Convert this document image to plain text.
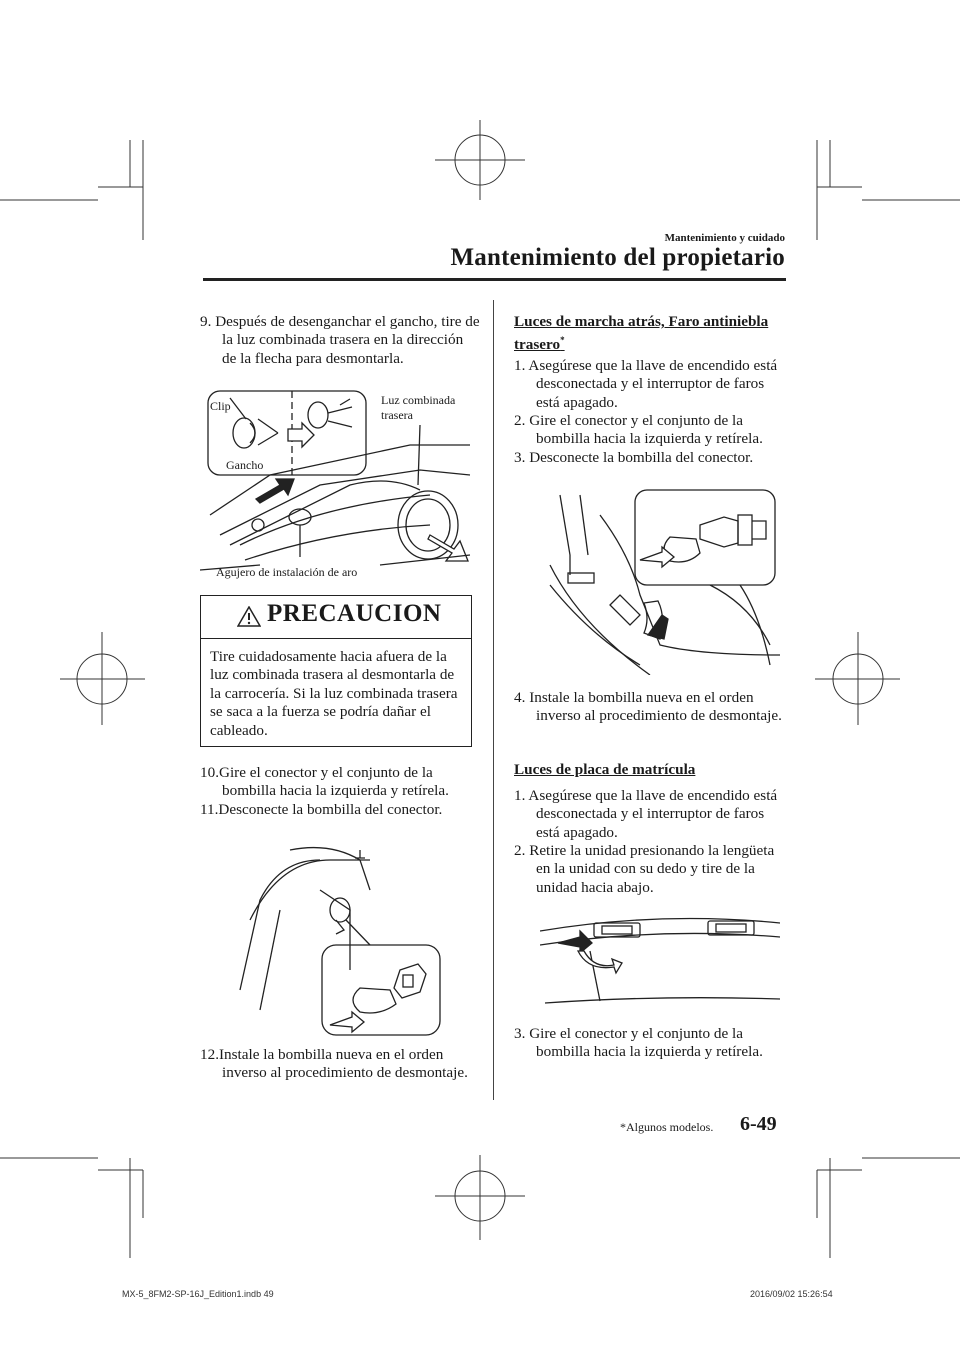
Mantenimiento y cuidado
Mantenimiento del propietario
9. Después de desenganchar el gancho, tire de la luz combinada trasera en la dirección de la flecha para desmontarla.
Clip
Gancho
Luz combinada
trasera
Agujero de instalación de aro
PRECAUCION
Tire cuidadosamente hacia afuera de la luz combinada trasera al desmontarla de la carrocería. Si la luz combinada trasera se saca a la fuerza se podría dañar el cableado.
10.Gire el conector y el conjunto de la bombilla hacia la izquierda y retírela.
11.Desconecte la bombilla del conector.
12.Instale la bombilla nueva en el orden inverso al procedimiento de desmontaje.
Luces de marcha atrás, Faro antiniebla
trasero*
1. Asegúrese que la llave de encendido está desconectada y el interruptor de faros está apagado.
2. Gire el conector y el conjunto de la bombilla hacia la izquierda y retírela.
3. Desconecte la bombilla del conector.
4. Instale la bombilla nueva en el orden inverso al procedimiento de desmontaje.
Luces de placa de matrícula
1. Asegúrese que la llave de encendido está desconectada y el interruptor de faros está apagado.
2. Retire la unidad presionando la lengüeta en la unidad con su dedo y tire de la unidad hacia abajo.
3. Gire el conector y el conjunto de la bombilla hacia la izquierda y retírela.
*Algunos modelos. 6-49
MX-5_8FM2-SP-16J_Edition1.indb 49	2016/09/02 15:26:54
